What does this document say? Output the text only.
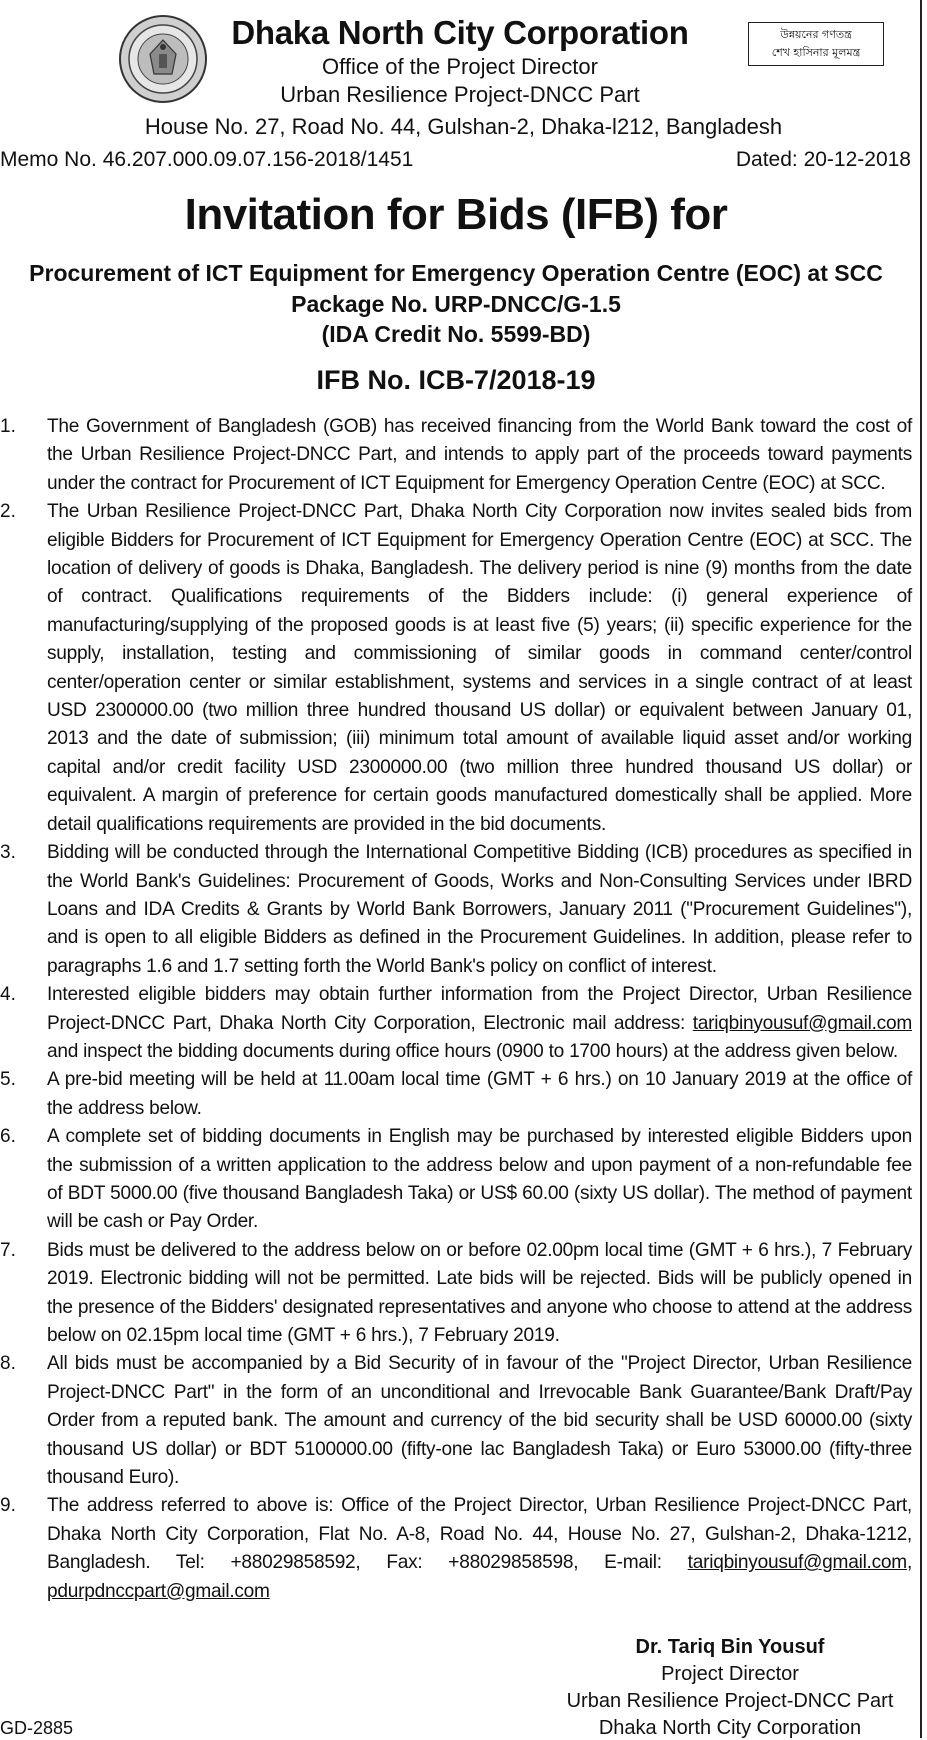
উন্নয়নের গণতন্ত্র
শেখ হাসিনার মূলমন্ত্র
Dhaka North City Corporation
Office of the Project Director
Urban Resilience Project-DNCC Part
House No. 27, Road No. 44, Gulshan-2, Dhaka-l212, Bangladesh
Memo No. 46.207.000.09.07.156-2018/1451	Dated: 20-12-2018
Invitation for Bids (IFB) for
Procurement of ICT Equipment for Emergency Operation Centre (EOC) at SCC
Package No. URP-DNCC/G-1.5
(IDA Credit No. 5599-BD)
IFB No. ICB-7/2018-19
1. The Government of Bangladesh (GOB) has received financing from the World Bank toward the cost of the Urban Resilience Project-DNCC Part, and intends to apply part of the proceeds toward payments under the contract for Procurement of ICT Equipment for Emergency Operation Centre (EOC) at SCC.
2. The Urban Resilience Project-DNCC Part, Dhaka North City Corporation now invites sealed bids from eligible Bidders for Procurement of ICT Equipment for Emergency Operation Centre (EOC) at SCC. The location of delivery of goods is Dhaka, Bangladesh. The delivery period is nine (9) months from the date of contract. Qualifications requirements of the Bidders include: (i) general experience of manufacturing/supplying of the proposed goods is at least five (5) years; (ii) specific experience for the supply, installation, testing and commissioning of similar goods in command center/control center/operation center or similar establishment, systems and services in a single contract of at least USD 2300000.00 (two million three hundred thousand US dollar) or equivalent between January 01, 2013 and the date of submission; (iii) minimum total amount of available liquid asset and/or working capital and/or credit facility USD 2300000.00 (two million three hundred thousand US dollar) or equivalent. A margin of preference for certain goods manufactured domestically shall be applied. More detail qualifications requirements are provided in the bid documents.
3. Bidding will be conducted through the International Competitive Bidding (ICB) procedures as specified in the World Bank's Guidelines: Procurement of Goods, Works and Non-Consulting Services under IBRD Loans and IDA Credits & Grants by World Bank Borrowers, January 2011 ("Procurement Guidelines"), and is open to all eligible Bidders as defined in the Procurement Guidelines. In addition, please refer to paragraphs 1.6 and 1.7 setting forth the World Bank's policy on conflict of interest.
4. Interested eligible bidders may obtain further information from the Project Director, Urban Resilience Project-DNCC Part, Dhaka North City Corporation, Electronic mail address: tariqbinyousuf@gmail.com and inspect the bidding documents during office hours (0900 to 1700 hours) at the address given below.
5. A pre-bid meeting will be held at 11.00am local time (GMT + 6 hrs.) on 10 January 2019 at the office of the address below.
6. A complete set of bidding documents in English may be purchased by interested eligible Bidders upon the submission of a written application to the address below and upon payment of a non-refundable fee of BDT 5000.00 (five thousand Bangladesh Taka) or US$ 60.00 (sixty US dollar). The method of payment will be cash or Pay Order.
7. Bids must be delivered to the address below on or before 02.00pm local time (GMT + 6 hrs.), 7 February 2019. Electronic bidding will not be permitted. Late bids will be rejected. Bids will be publicly opened in the presence of the Bidders' designated representatives and anyone who choose to attend at the address below on 02.15pm local time (GMT + 6 hrs.), 7 February 2019.
8. All bids must be accompanied by a Bid Security of in favour of the "Project Director, Urban Resilience Project-DNCC Part" in the form of an unconditional and Irrevocable Bank Guarantee/Bank Draft/Pay Order from a reputed bank. The amount and currency of the bid security shall be USD 60000.00 (sixty thousand US dollar) or BDT 5100000.00 (fifty-one lac Bangladesh Taka) or Euro 53000.00 (fifty-three thousand Euro).
9. The address referred to above is: Office of the Project Director, Urban Resilience Project-DNCC Part, Dhaka North City Corporation, Flat No. A-8, Road No. 44, House No. 27, Gulshan-2, Dhaka-1212, Bangladesh. Tel: +88029858592, Fax: +88029858598, E-mail: tariqbinyousuf@gmail.com, pdurpdnccpart@gmail.com
Dr. Tariq Bin Yousuf
Project Director
Urban Resilience Project-DNCC Part
Dhaka North City Corporation
GD-2885
